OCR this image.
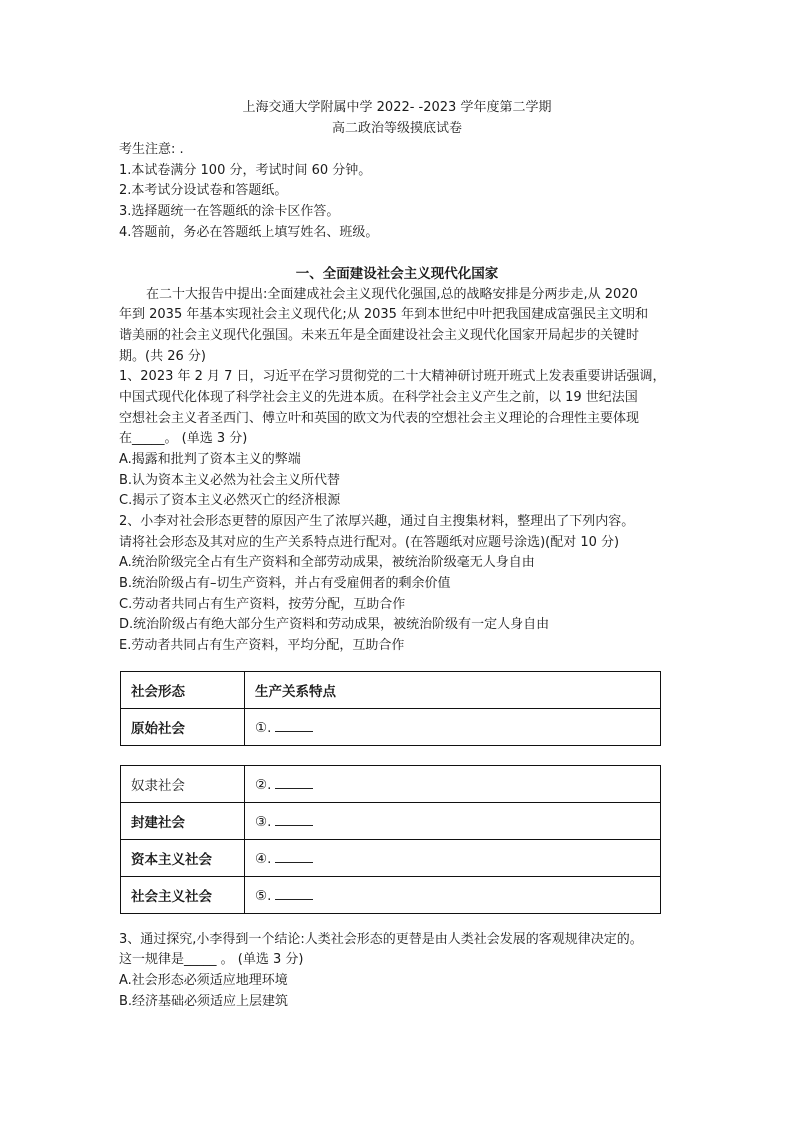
上海交通大学附属中学 2022- -2023 学年度第二学期
高二政治等级摸底试卷
考生注意: .
1.本试卷满分 100 分，考试时间 60 分钟。
2.本考试分设试卷和答题纸。
3.选择题统一在答题纸的涂卡区作答。
4.答题前，务必在答题纸上填写姓名、班级。
一、全面建设社会主义现代化国家
在二十大报告中提出:全面建成社会主义现代化强国,总的战略安排是分两步走,从 2020
年到 2035 年基本实现社会主义现代化;从 2035 年到本世纪中叶把我国建成富强民主文明和
谐美丽的社会主义现代化强国。未来五年是全面建设社会主义现代化国家开局起步的关键时
期。(共 26 分)
1、2023 年 2 月 7 日，习近平在学习贯彻党的二十大精神研讨班开班式上发表重要讲话强调，
中国式现代化体现了科学社会主义的先进本质。在科学社会主义产生之前，以 19 世纪法国
空想社会主义者圣西门、傅立叶和英国的欧文为代表的空想社会主义理论的合理性主要体现
在_____。 (单选 3 分)
A.揭露和批判了资本主义的弊端
B.认为资本主义必然为社会主义所代替
C.揭示了资本主义必然灭亡的经济根源
2、小李对社会形态更替的原因产生了浓厚兴趣，通过自主搜集材料，整理出了下列内容。
请将社会形态及其对应的生产关系特点进行配对。(在答题纸对应题号涂选)(配对 10 分)
A.统治阶级完全占有生产资料和全部劳动成果，被统治阶级毫无人身自由
B.统治阶级占有–切生产资料，并占有受雇佣者的剩余价值
C.劳动者共同占有生产资料，按劳分配，互助合作
D.统治阶级占有绝大部分生产资料和劳动成果，被统治阶级有一定人身自由
E.劳动者共同占有生产资料，平均分配，互助合作
社会形态	生产关系特点
原始社会	①.
奴隶社会	②.
封建社会	③.
资本主义社会	④.
社会主义社会	⑤.
3、通过探究,小李得到一个结论:人类社会形态的更替是由人类社会发展的客观规律决定的。
这一规律是_____ 。 (单选 3 分)
A.社会形态必须适应地理环境
B.经济基础必须适应上层建筑
